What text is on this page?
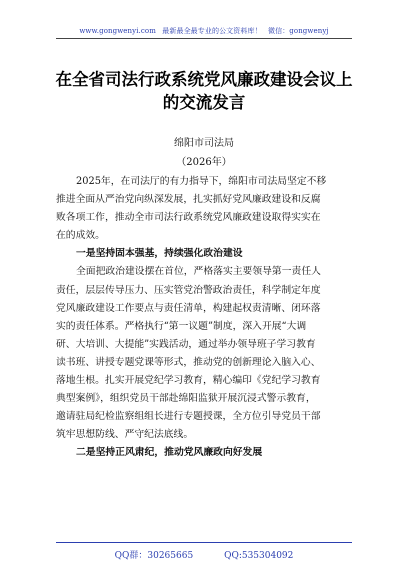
www.gongwenyi.com 最新最全最专业的公文资料库！ 微信：gongwenyj
在全省司法行政系统党风廉政建设会议上
的交流发言
绵阳市司法局
（2026年）
2025年，在司法厅的有力指导下，绵阳市司法局坚定不移
推进全面从严治党向纵深发展，扎实抓好党风廉政建设和反腐
败各项工作，推动全市司法行政系统党风廉政建设取得实实在
在的成效。
一是坚持固本强基，持续强化政治建设
全面把政治建设摆在首位，严格落实主要领导第一责任人
责任，层层传导压力、压实管党治警政治责任，科学制定年度
党风廉政建设工作要点与责任清单，构建起权责清晰、闭环落
实的责任体系。严格执行“第一议题”制度，深入开展“大调
研、大培训、大提能”实践活动，通过举办领导班子学习教育
读书班、讲授专题党课等形式，推动党的创新理论入脑入心、
落地生根。扎实开展党纪学习教育，精心编印《党纪学习教育
典型案例》，组织党员干部赴绵阳监狱开展沉浸式警示教育，
邀请驻局纪检监察组组长进行专题授课，全方位引导党员干部
筑牢思想防线、严守纪法底线。
二是坚持正风肃纪，推动党风廉政向好发展
QQ群：30265665	QQ:535304092
